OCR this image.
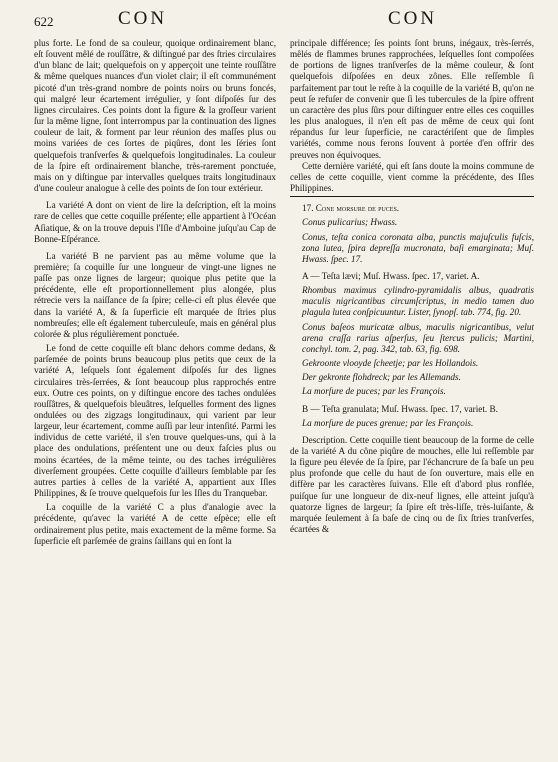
622	CON	CON

plus forte. Le fond de sa couleur, quoique ordinairement blanc, eſt ſouvent mêlé de rouſſâtre, & diſtingué par des ſtries circulaires d'un blanc de lait; quelquefois on y apperçoit une teinte rouſſâtre & même quelques nuances d'un violet clair; il eſt communément picoté d'un très-grand nombre de points noirs ou bruns foncés, qui malgré leur écartement irrégulier, y ſont diſpoſés ſur des lignes circulaires. Ces points dont la figure & la groſſeur varient ſur la même ligne, ſont interrompus par la continuation des lignes couleur de lait, & forment par leur réunion des maſſes plus ou moins variées de ces ſortes de piqûres, dont les ſéries ſont quelquefois tranſverſes & quelquefois longitudinales. La couleur de la ſpire eſt ordinairement blanche, très-rarement ponctuée, mais on y diſtingue par intervalles quelques traits longitudinaux d'une couleur analogue à celle des points de ſon tour extérieur.

La variété A dont on vient de lire la deſcription, eſt la moins rare de celles que cette coquille préſente; elle appartient à l'Océan Aſiatique, & on la trouve depuis l'Iſle d'Amboine juſqu'au Cap de Bonne-Eſpérance.

La variété B ne parvient pas au même volume que la première; ſa coquille ſur une longueur de vingt-une lignes ne paſſe pas onze lignes de largeur; quoique plus petite que la précédente, elle eſt proportionnellement plus alongée, plus rétrecie vers la naiſſance de ſa ſpire; celle-ci eſt plus élevée que dans la variété A, & ſa ſuperficie eſt marquée de ſtries plus nombreuſes; elle eſt également tuberculeuſe, mais en général plus colorée & plus régulièrement ponctuée.

Le fond de cette coquille eſt blanc dehors comme dedans, & parſemée de points bruns beaucoup plus petits que ceux de la variété A, leſquels ſont également diſpoſés ſur des lignes circulaires très-ſerrées, & ſont beaucoup plus rapprochés entre eux. Outre ces points, on y diſtingue encore des taches ondulées rouſſâtres, & quelquefois bleuâtres, leſquelles forment des lignes ondulées ou des zigzags longitudinaux, qui varient par leur largeur, leur écartement, comme auſſi par leur intenſité. Parmi les individus de cette variété, il s'en trouve quelques-uns, qui à la place des ondulations, préſentent une ou deux faſcies plus ou moins écartées, de la même teinte, ou des taches irrégulières diverſement groupées. Cette coquille d'ailleurs ſemblable par ſes autres parties à celles de la variété A, appartient aux Iſles Philippines, & ſe trouve quelquefois ſur les Iſles du Tranquebar.

La coquille de la variété C a plus d'analogie avec la précédente, qu'avec la variété A de cette eſpèce; elle eſt ordinairement plus petite, mais exactement de la même forme. Sa ſuperficie eſt parſemée de grains ſaillans qui en ſont la

principale différence; ſes points ſont bruns, inégaux, très-ſerrés, mêlés de flammes brunes rapprochées, leſquelles ſont compoſées de portions de lignes tranſverſes de la même couleur, & ſont quelquefois diſpoſées en deux zônes. Elle reſſemble ſi parfaitement par tout le reſte à la coquille de la variété B, qu'on ne peut ſe refuſer de convenir que ſi les tubercules de la ſpire offrent un caractère des plus ſûrs pour diſtinguer entre elles ces coquilles les plus analogues, il n'en eſt pas de même de ceux qui ſont répandus ſur leur ſuperficie, ne caractériſent que de ſimples variétés, comme nous ferons ſouvent à portée d'en offrir des preuves non équivoques.

Cette dernière variété, qui eſt ſans doute la moins commune de celles de cette coquille, vient comme la précédente, des Iſles Philippines.

17. Cone morſure de puces.

Conus pulicarius; Hwass.

Conus, teſta conica coronata alba, punctis majuſculis fuſcis, zona lutea, ſpira depreſſa mucronata, baſi emarginata; Muſ. Hwass. ſpec. 17.

A — Teſta lævi; Muſ. Hwass. ſpec. 17, variet. A.

Rhombus maximus cylindro-pyramidalis albus, quadratis maculis nigricantibus circumſcriptus, in medio tamen duo plagula lutea conſpicuuntur. Lister, ſynopſ. tab. 774, fig. 20.

Conus baſeos muricatæ albus, maculis nigricantibus, velut arena craſſa rarius aſperſus, ſeu ſtercus pulicis; Martini, conchyl. tom. 2, pag. 342, tab. 63, fig. 698.

Gekroonte vlooyde ſcheetje; par les Hollandois.

Der gekronte flohdreck; par les Allemands.

La morſure de puces; par les François.

B — Teſta granulata; Muſ. Hwass. ſpec. 17, variet. B.

La morſure de puces grenue; par les François.

Description. Cette coquille tient beaucoup de la forme de celle de la variété A du cône piqûre de mouches, elle lui reſſemble par la figure peu élevée de ſa ſpire, par l'échancrure de ſa baſe un peu plus profonde que celle du haut de ſon ouverture, mais elle en diffère par les caractères ſuivans. Elle eſt d'abord plus ronflée, puiſque ſur une longueur de dix-neuf lignes, elle atteint juſqu'à quatorze lignes de largeur; ſa ſpire eſt très-liſſe, très-luiſante, & marquée ſeulement à ſa baſe de cinq ou de ſix ſtries tranſverſes, écartées &
